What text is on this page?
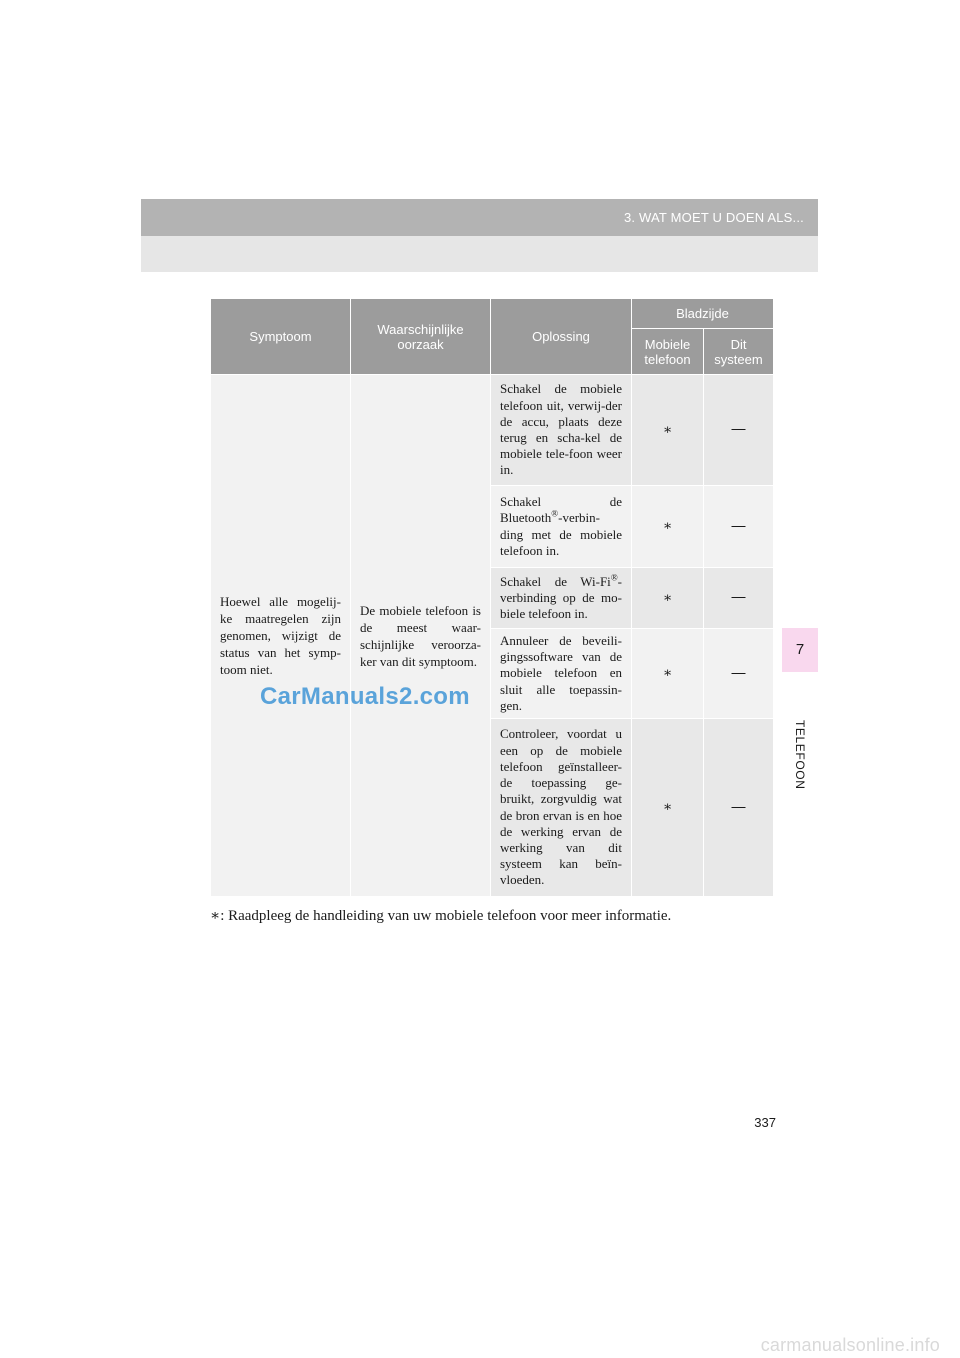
3. WAT MOET U DOEN ALS...
7
TELEFOON
Symptoom	Waarschijnlijke oorzaak	Oplossing	Bladzijde	
			Mobiele telefoon	Dit systeem
Hoewel alle mogelij-ke maatregelen zijn genomen, wijzigt de status van het symp-toom niet.	De mobiele telefoon is de meest waar-schijnlijke veroorza-ker van dit symptoom.	Schakel de mobiele telefoon uit, verwij-der de accu, plaats deze terug en scha-kel de mobiele tele-foon weer in.	∗	⎯⎯
		Schakel de Bluetooth®-verbin-ding met de mobiele telefoon in.	∗	⎯⎯
		Schakel de Wi-Fi®-verbinding op de mo-biele telefoon in.	∗	⎯⎯
		Annuleer de beveili-gingssoftware van de mobiele telefoon en sluit alle toepassin-gen.	∗	⎯⎯
		Controleer, voordat u een op de mobiele telefoon geïnstalleer-de toepassing ge-bruikt, zorgvuldig wat de bron ervan is en hoe de werking ervan de werking van dit systeem kan beïn-vloeden.	∗	⎯⎯
CarManuals2.com
∗: Raadpleeg de handleiding van uw mobiele telefoon voor meer informatie.
337
carmanualsonline.info
